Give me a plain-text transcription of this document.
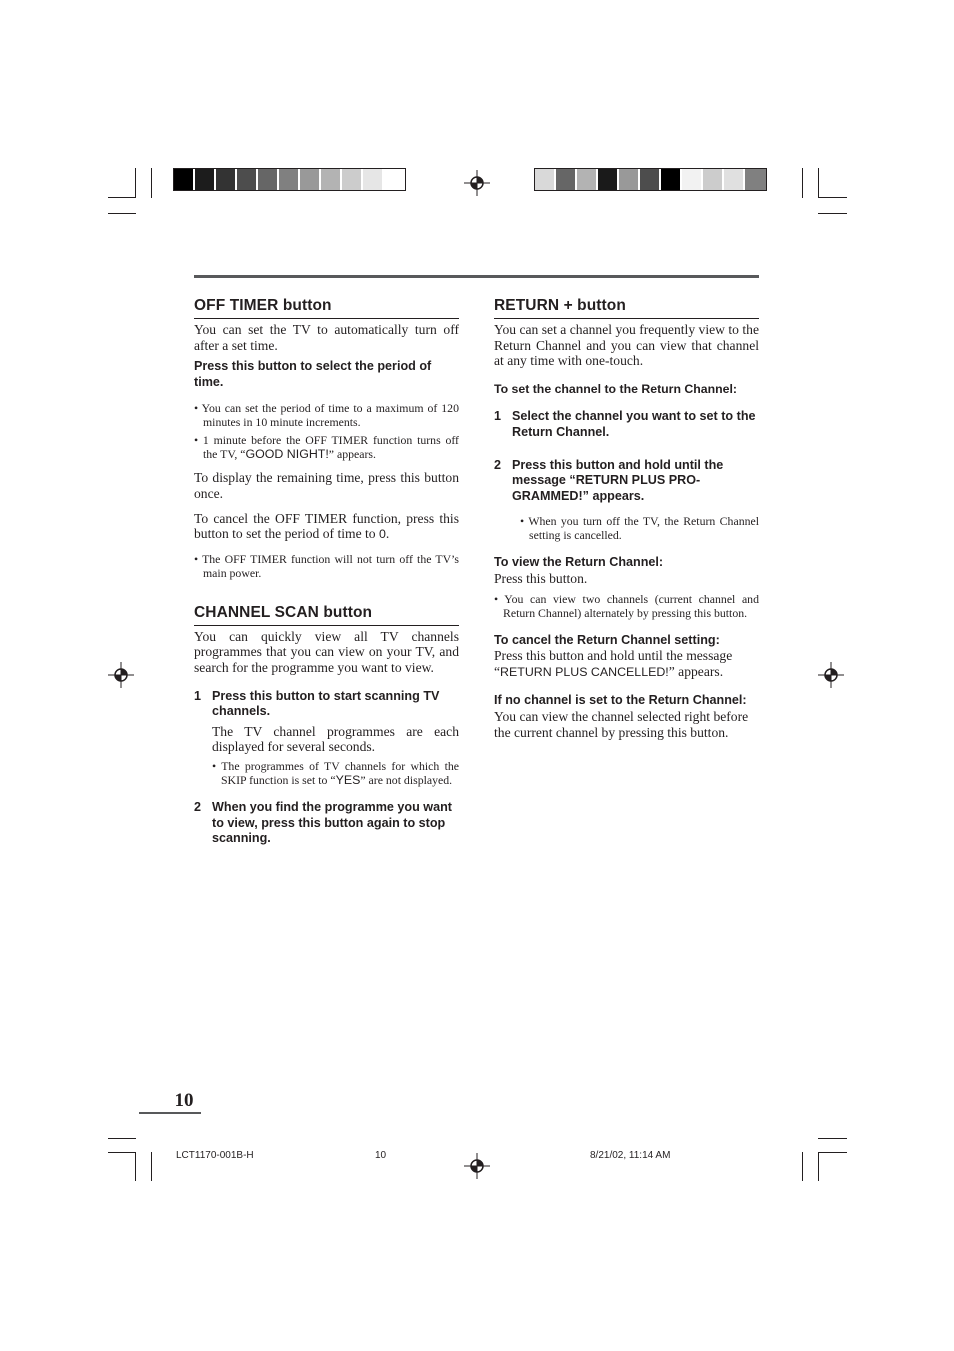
OFF TIMER button

You can set the TV to automatically turn off after a set time.

Press this button to select the period of time.

• You can set the period of time to a maximum of 120 minutes in 10 minute increments.
• 1 minute before the OFF TIMER function turns off the TV, “GOOD NIGHT!” appears.

To display the remaining time, press this button once.

To cancel the OFF TIMER function, press this button to set the period of time to 0.

• The OFF TIMER function will not turn off the TV’s main power.
CHANNEL SCAN button

You can quickly view all TV channels programmes that you can view on your TV, and search for the programme you want to view.

1 Press this button to start scanning TV channels.

The TV channel programmes are each displayed for several seconds.

• The programmes of TV channels for which the SKIP function is set to “YES” are not displayed.
2 When you find the programme you want to view, press this button again to stop scanning.
RETURN + button

You can set a channel you frequently view to the Return Channel and you can view that channel at any time with one-touch.

To set the channel to the Return Channel:

1 Select the channel you want to set to the Return Channel.
2 Press this button and hold until the message “RETURN PLUS PRO- GRAMMED!” appears.
• When you turn off the TV, the Return Channel setting is cancelled.

To view the Return Channel:

Press this button.

• You can view two channels (current channel and Return Channel) alternately by pressing this button.

To cancel the Return Channel setting:

Press this button and hold until the message “RETURN PLUS CANCELLED!” appears.

If no channel is set to the Return Channel:

You can view the channel selected right before the current channel by pressing this button.

10
LCT1170-001B-H	10	8/21/02, 11:14 AM
